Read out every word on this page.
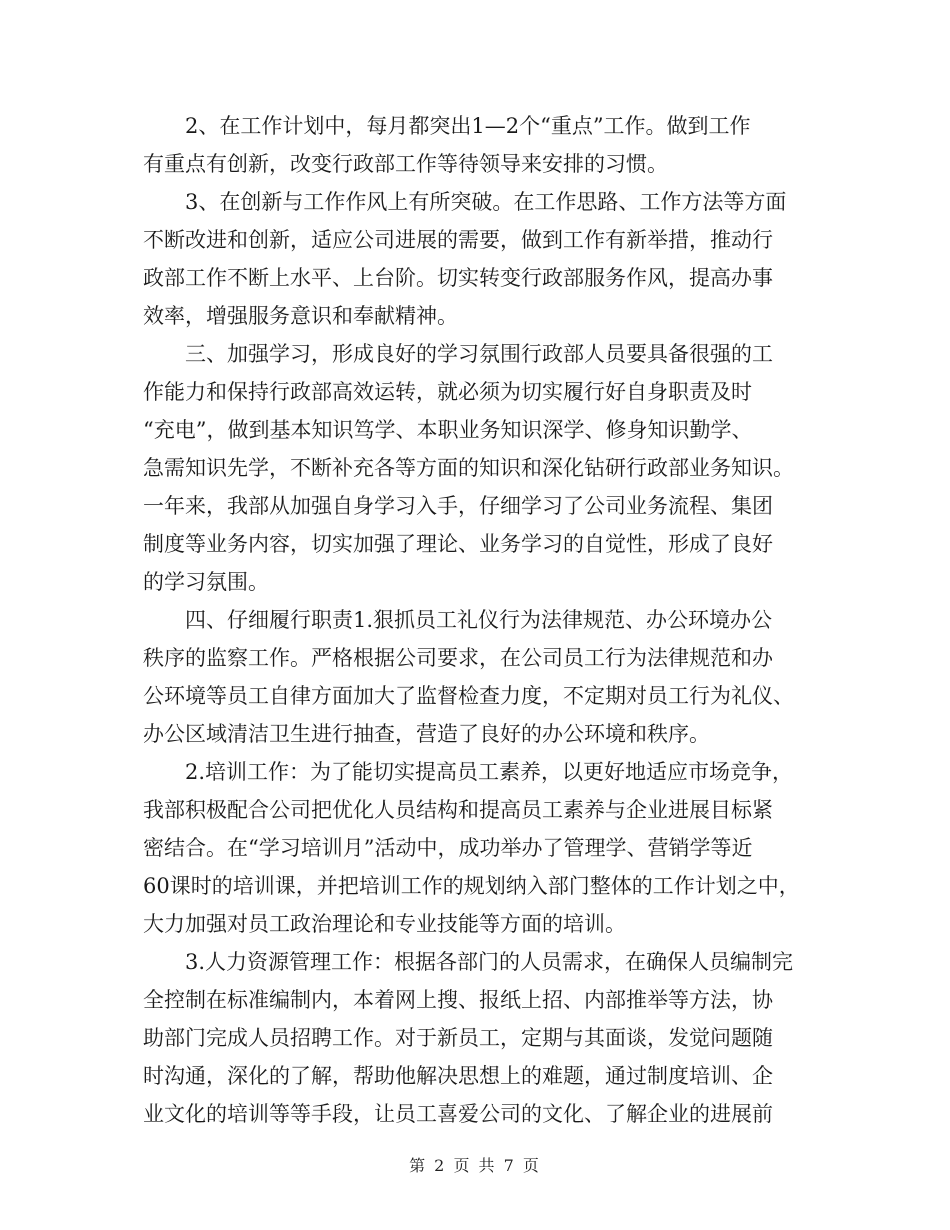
2、在工作计划中，每月都突出1—2个“重点”工作。做到工作
有重点有创新，改变行政部工作等待领导来安排的习惯。
3、在创新与工作作风上有所突破。在工作思路、工作方法等方面
不断改进和创新，适应公司进展的需要，做到工作有新举措，推动行
政部工作不断上水平、上台阶。切实转变行政部服务作风，提高办事
效率，增强服务意识和奉献精神。
三、加强学习，形成良好的学习氛围行政部人员要具备很强的工
作能力和保持行政部高效运转，就必须为切实履行好自身职责及时
“充电”，做到基本知识笃学、本职业务知识深学、修身知识勤学、
急需知识先学，不断补充各等方面的知识和深化钻研行政部业务知识。
一年来，我部从加强自身学习入手，仔细学习了公司业务流程、集团
制度等业务内容，切实加强了理论、业务学习的自觉性，形成了良好
的学习氛围。
四、仔细履行职责1.狠抓员工礼仪行为法律规范、办公环境办公
秩序的监察工作。严格根据公司要求，在公司员工行为法律规范和办
公环境等员工自律方面加大了监督检查力度，不定期对员工行为礼仪、
办公区域清洁卫生进行抽查，营造了良好的办公环境和秩序。
2.培训工作：为了能切实提高员工素养，以更好地适应市场竞争，
我部积极配合公司把优化人员结构和提高员工素养与企业进展目标紧
密结合。在“学习培训月”活动中，成功举办了管理学、营销学等近
60课时的培训课，并把培训工作的规划纳入部门整体的工作计划之中，
大力加强对员工政治理论和专业技能等方面的培训。
3.人力资源管理工作：根据各部门的人员需求，在确保人员编制完
全控制在标准编制内，本着网上搜、报纸上招、内部推举等方法，协
助部门完成人员招聘工作。对于新员工，定期与其面谈，发觉问题随
时沟通，深化的了解，帮助他解决思想上的难题，通过制度培训、企
业文化的培训等等手段，让员工喜爱公司的文化、了解企业的进展前
第 2 页 共 7 页
